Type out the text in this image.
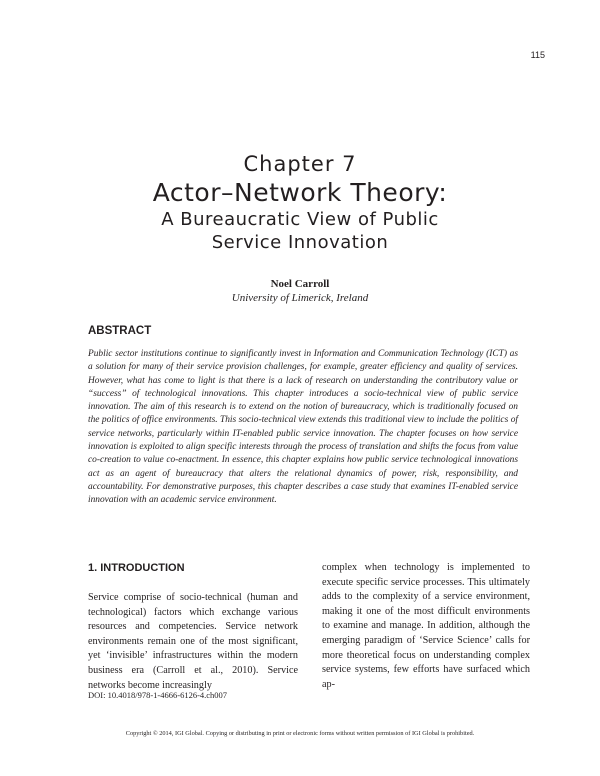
115
Chapter 7
Actor–Network Theory:
A Bureaucratic View of Public
Service Innovation
Noel Carroll
University of Limerick, Ireland
ABSTRACT
Public sector institutions continue to significantly invest in Information and Communication Technology (ICT) as a solution for many of their service provision challenges, for example, greater efficiency and quality of services. However, what has come to light is that there is a lack of research on understanding the contributory value or “success” of technological innovations. This chapter introduces a socio-technical view of public service innovation. The aim of this research is to extend on the notion of bureaucracy, which is traditionally focused on the politics of office environments. This socio-technical view extends this traditional view to include the politics of service networks, particularly within IT-enabled public service innovation. The chapter focuses on how service innovation is exploited to align specific interests through the process of translation and shifts the focus from value co-creation to value co-enactment. In essence, this chapter explains how public service technological innovations act as an agent of bureaucracy that alters the relational dynamics of power, risk, responsibility, and accountability. For demonstrative purposes, this chapter describes a case study that examines IT-enabled service innovation with an academic service environment.
1. INTRODUCTION
Service comprise of socio-technical (human and technological) factors which exchange various resources and competencies. Service network environments remain one of the most significant, yet ‘invisible’ infrastructures within the modern business era (Carroll et al., 2010). Service networks become increasingly
complex when technology is implemented to execute specific service processes. This ultimately adds to the complexity of a service environment, making it one of the most difficult environments to examine and manage. In addition, although the emerging paradigm of ‘Service Science’ calls for more theoretical focus on understanding complex service systems, few efforts have surfaced which ap-
DOI: 10.4018/978-1-4666-6126-4.ch007
Copyright © 2014, IGI Global. Copying or distributing in print or electronic forms without written permission of IGI Global is prohibited.
